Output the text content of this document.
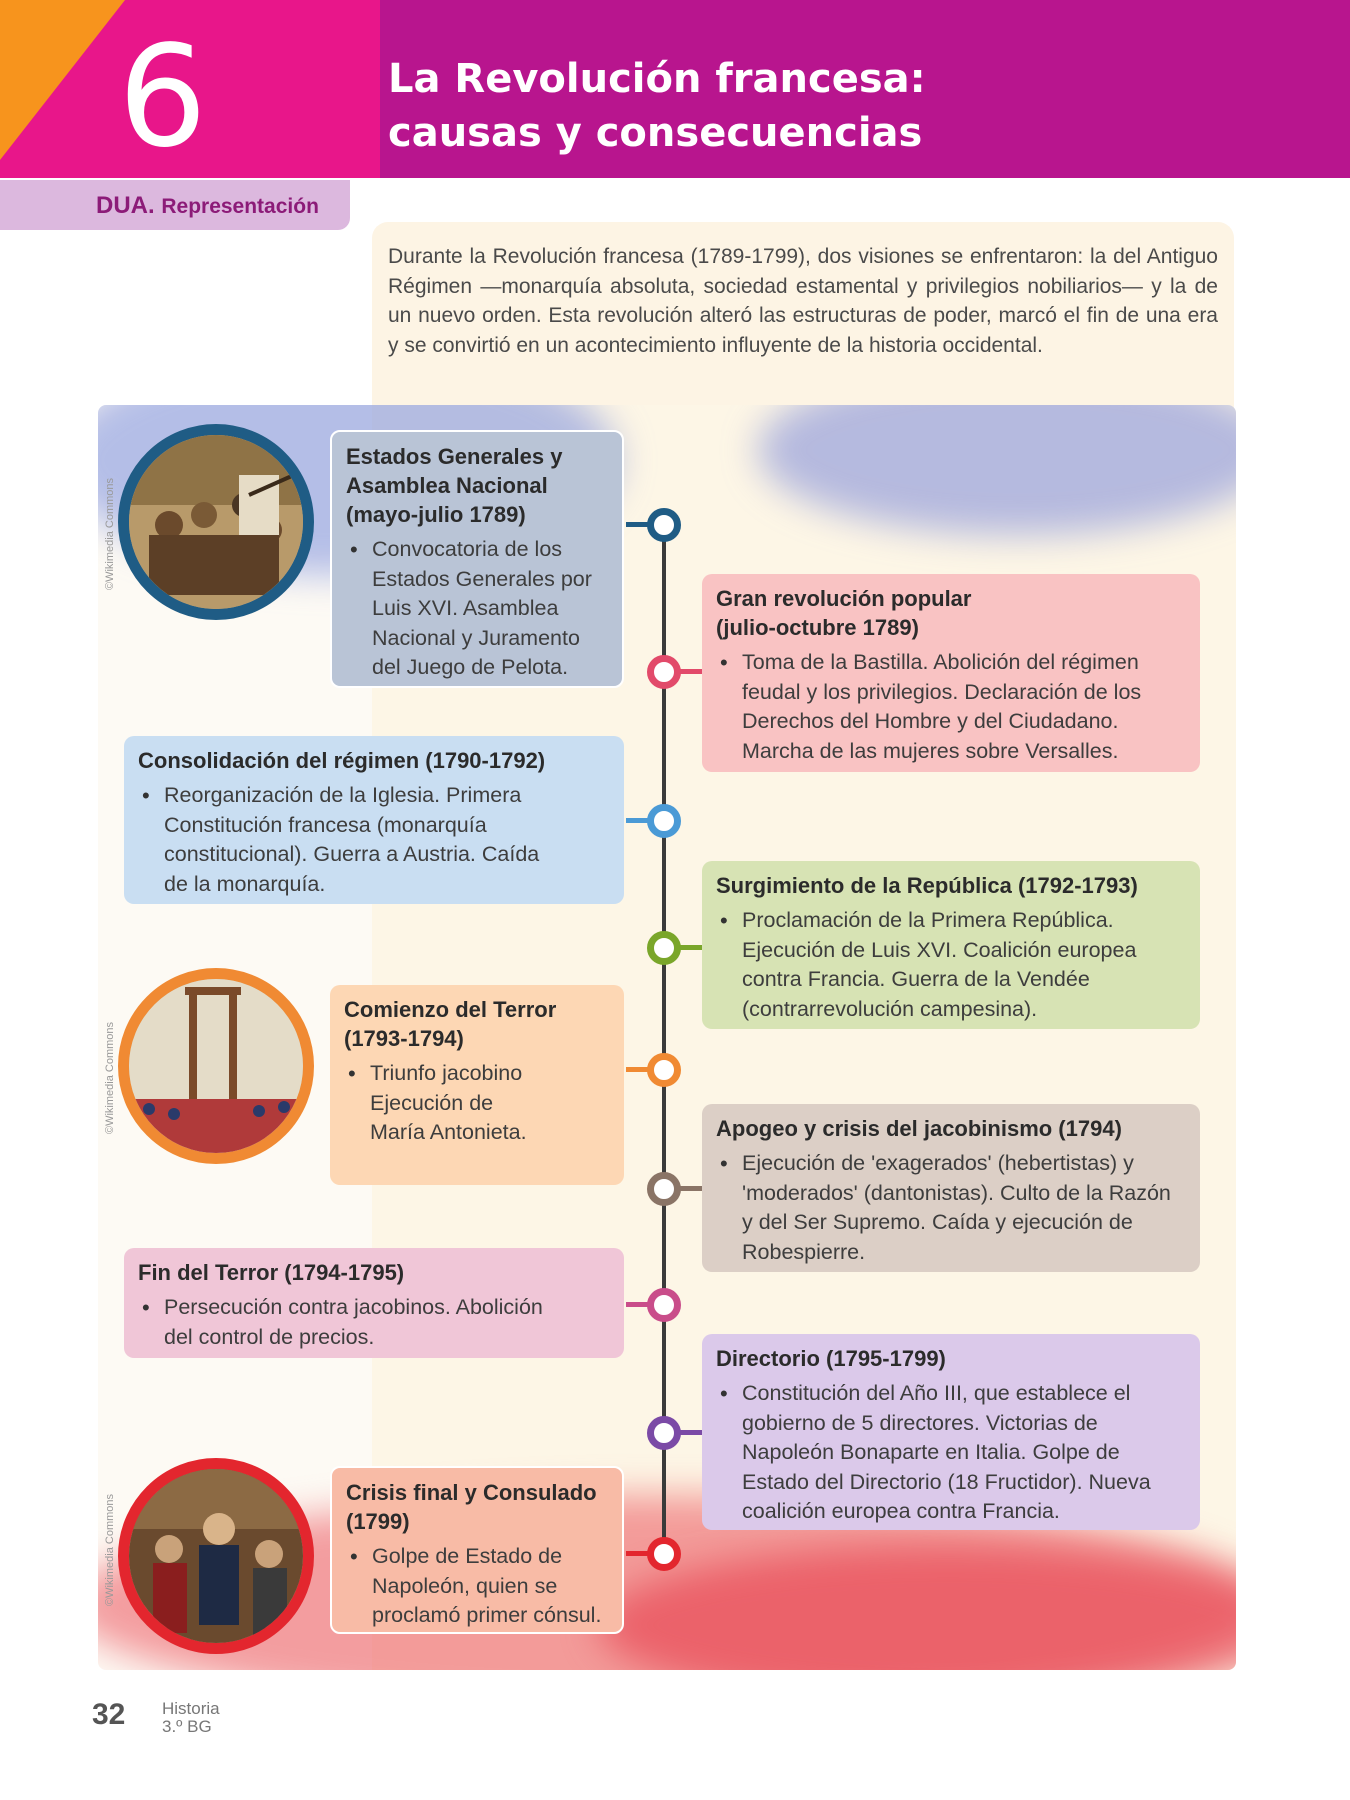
6	La Revolución francesa:
causas y consecuencias
DUA. Representación

Durante la Revolución francesa (1789-1799), dos visiones se enfrentaron: la del Antiguo Régimen —monarquía absoluta, sociedad estamental y privilegios nobiliarios— y la de un nuevo orden. Esta revolución alteró las estructuras de poder, marcó el fin de una era y se convirtió en un acontecimiento influyente de la historia occidental.

©Wikimedia Commons
©Wikimedia Commons
©Wikimedia Commons
Estados Generales y
Asamblea Nacional
(mayo-julio 1789)
• Convocatoria de los Estados Generales por Luis XVI. Asamblea Nacional y Juramento del Juego de Pelota.
Gran revolución popular
(julio-octubre 1789)
• Toma de la Bastilla. Abolición del régimen feudal y los privilegios. Declaración de los Derechos del Hombre y del Ciudadano. Marcha de las mujeres sobre Versalles.
Consolidación del régimen (1790-1792)
• Reorganización de la Iglesia. Primera Constitución francesa (monarquía constitucional). Guerra a Austria. Caída de la monarquía.	Surgimiento de la República (1792-1793)
• Proclamación de la Primera República. Ejecución de Luis XVI. Coalición europea contra Francia. Guerra de la Vendée (contrarrevolución campesina).
Comienzo del Terror
(1793-1794)
• Triunfo jacobino Ejecución de María Antonieta.	Apogeo y crisis del jacobinismo (1794)
• Ejecución de 'exagerados' (hebertistas) y 'moderados' (dantonistas). Culto de la Razón y del Ser Supremo. Caída y ejecución de Robespierre.
Fin del Terror (1794-1795)
• Persecución contra jacobinos. Abolición del control de precios.
Directorio (1795-1799)
• Constitución del Año III, que establece el gobierno de 5 directores. Victorias de Napoleón Bonaparte en Italia. Golpe de Estado del Directorio (18 Fructidor). Nueva coalición europea contra Francia.
Crisis final y Consulado
(1799)
• Golpe de Estado de Napoleón, quien se proclamó primer cónsul.
32 Historia
3.º BG
